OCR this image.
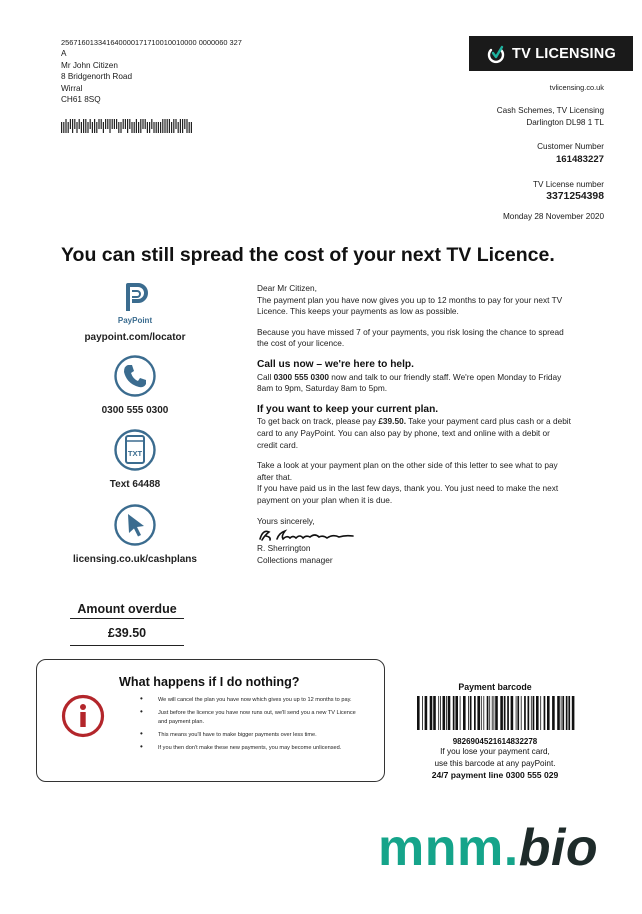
256716013341640000171710010010000 0000060 327
A
Mr John Citizen
8 Bridgenorth Road
Wirral
CH61 8SQ
TV LICENSING
tvlicensing.co.uk
Cash Schemes, TV Licensing
Darlington DL98 1 TL
Customer Number
161483227
TV License number
3371254398
Monday 28 November 2020
You can still spread the cost of your next TV Licence.
PayPoint
paypoint.com/locator
0300 555 0300
TXT
Text 64488
licensing.co.uk/cashplans
Dear Mr Citizen,

The payment plan you have now gives you up to 12 months to pay for your next TV Licence. This keeps your payments as low as possible.

Because you have missed 7 of your payments, you risk losing the chance to spread the cost of your licence.

Call us now – we're here to help.

Call 0300 555 0300 now and talk to our friendly staff. We're open Monday to Friday 8am to 9pm, Saturday 8am to 5pm.

If you want to keep your current plan.

To get back on track, please pay £39.50. Take your payment card plus cash or a debit card to any PayPoint. You can also pay by phone, text and online with a debit or credit card.

Take a look at your payment plan on the other side of this letter to see what to pay after that.

If you have paid us in the last few days, thank you. You just need to make the next payment on your plan when it is due.

Yours sincerely,
R. Sherrington
Collections manager
Amount overdue
£39.50
What happens if I do nothing?
• We will cancel the plan you have now which gives you up to 12 months to pay.
• Just before the licence you have now runs out, we'll send you a new TV Licence and payment plan.
• This means you'll have to make bigger payments over less time.
• If you then don't make these new payments, you may become unlicensed.
Payment barcode
9826904521614832278
If you lose your payment card,
use this barcode at any payPoint.
24/7 payment line 0300 555 029
mnm.bio
